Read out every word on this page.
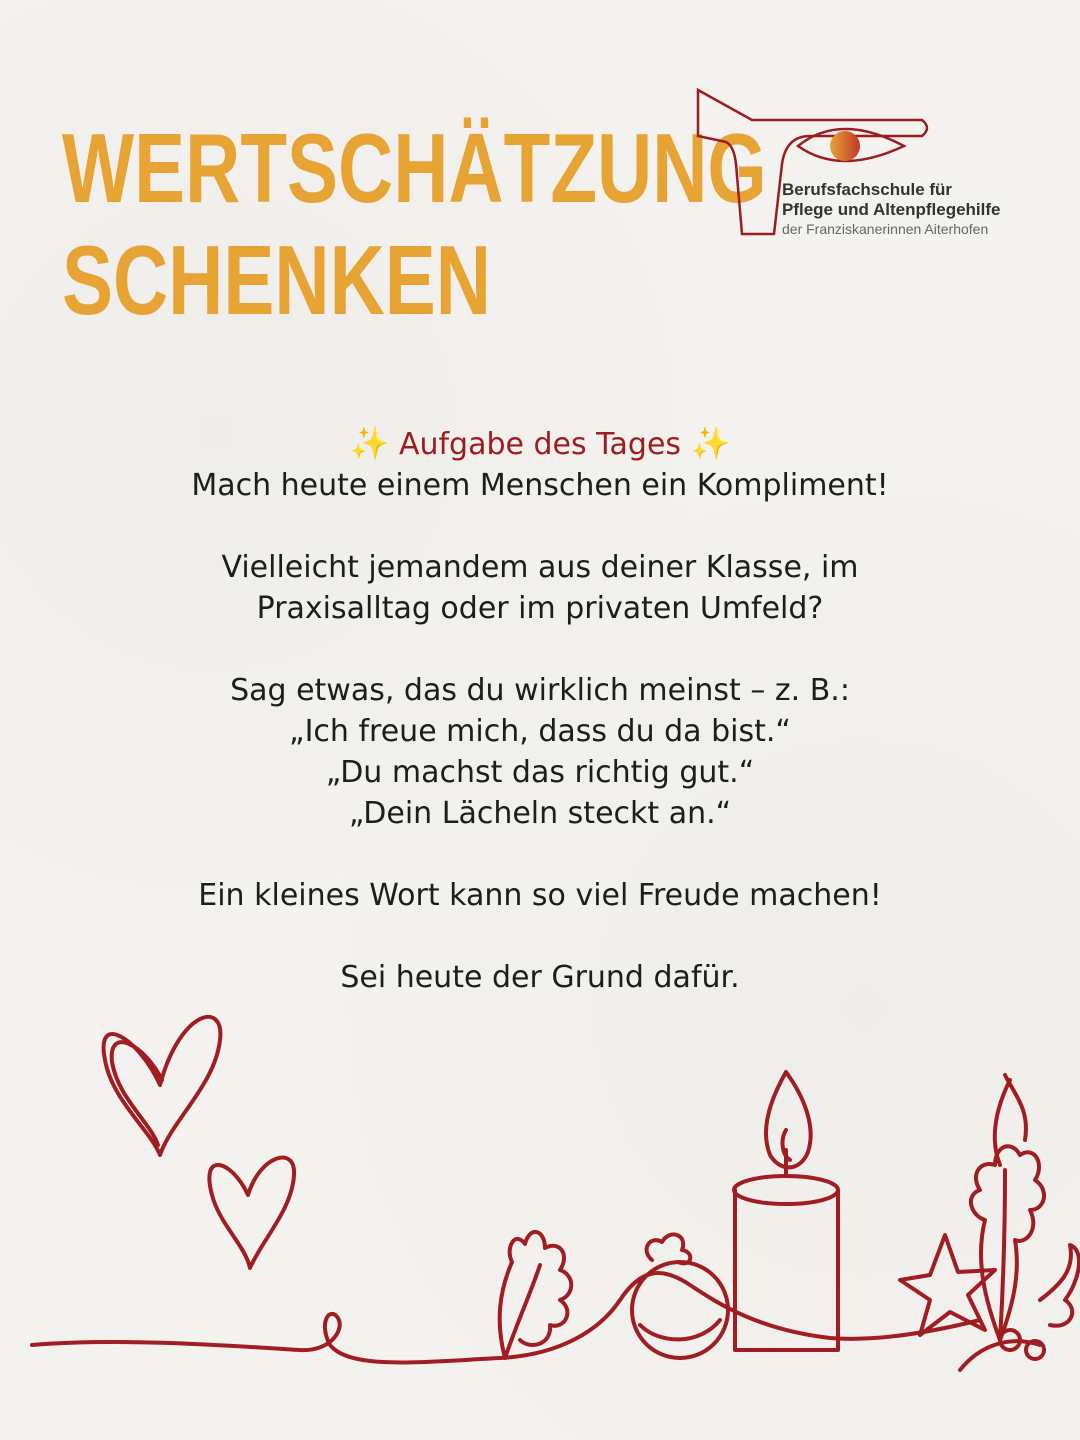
WERTSCHÄTZUNG
SCHENKEN
Berufsfachschule für
Pflege und Altenpflegehilfe
der Franziskanerinnen Aiterhofen
✨ Aufgabe des Tages ✨
Mach heute einem Menschen ein Kompliment!
Vielleicht jemandem aus deiner Klasse, im
Praxisalltag oder im privaten Umfeld?
Sag etwas, das du wirklich meinst – z. B.:
„Ich freue mich, dass du da bist.“
„Du machst das richtig gut.“
„Dein Lächeln steckt an.“
Ein kleines Wort kann so viel Freude machen!
Sei heute der Grund dafür.
